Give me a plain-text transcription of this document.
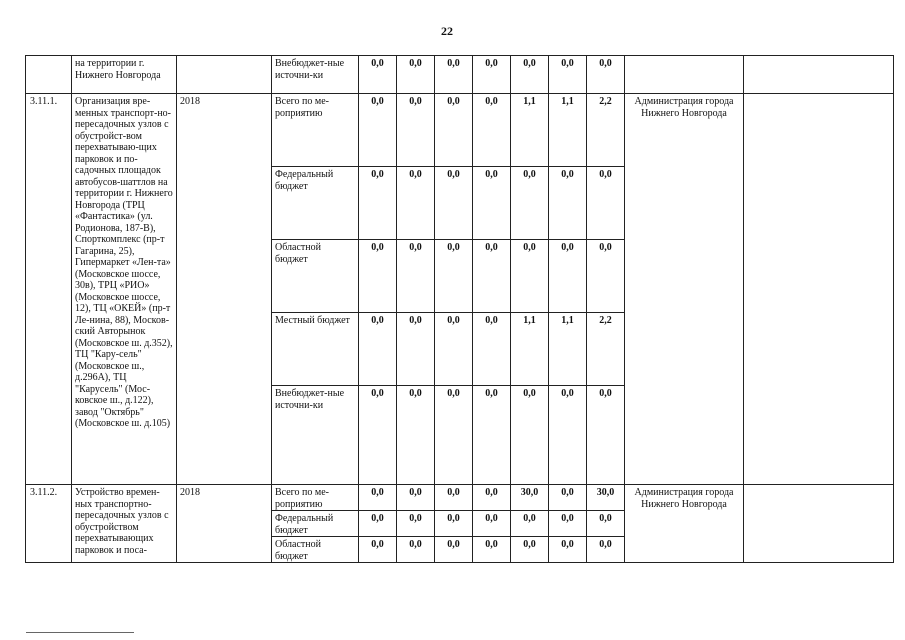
22
	на территории г. Нижнего Новгорода		Внебюджет-ные источни-ки	0,0	0,0	0,0	0,0	0,0	0,0	0,0		
3.11.1.	Организация вре-менных транспорт-но-пересадочных узлов с обустройст-вом перехватываю-щих парковок и по-садочных площадок автобусов-шаттлов на территории г. Нижнего Новгорода (ТРЦ «Фантастика» (ул. Родионова, 187-В), Спорткомплекс (пр-т Гагарина, 25), Гипермаркет «Лен-та» (Московское шоссе, 30в), ТРЦ «РИО» (Московское шоссе, 12), ТЦ «ОКЕЙ» (пр-т Ле-нина, 88), Москов-ский Авторынок (Московское ш. д.352), ТЦ "Кару-сель" (Московское ш., д.296А), ТЦ "Карусель" (Мос-ковское ш., д.122), завод "Октябрь" (Московское ш. д.105)	2018	Всего по ме-роприятию	0,0	0,0	0,0	0,0	1,1	1,1	2,2	Администрация города Нижнего Новгорода	
			Федеральный бюджет	0,0	0,0	0,0	0,0	0,0	0,0	0,0		
			Областной бюджет	0,0	0,0	0,0	0,0	0,0	0,0	0,0		
			Местный бюджет	0,0	0,0	0,0	0,0	1,1	1,1	2,2		
			Внебюджет-ные источни-ки	0,0	0,0	0,0	0,0	0,0	0,0	0,0		
3.11.2.	Устройство времен-ных транспортно-пересадочных узлов с обустройством перехватывающих парковок и поса-	2018	Всего по ме-роприятию	0,0	0,0	0,0	0,0	30,0	0,0	30,0	Администрация города Нижнего Новгорода	
			Федеральный бюджет	0,0	0,0	0,0	0,0	0,0	0,0	0,0		
			Областной бюджет	0,0	0,0	0,0	0,0	0,0	0,0	0,0		
